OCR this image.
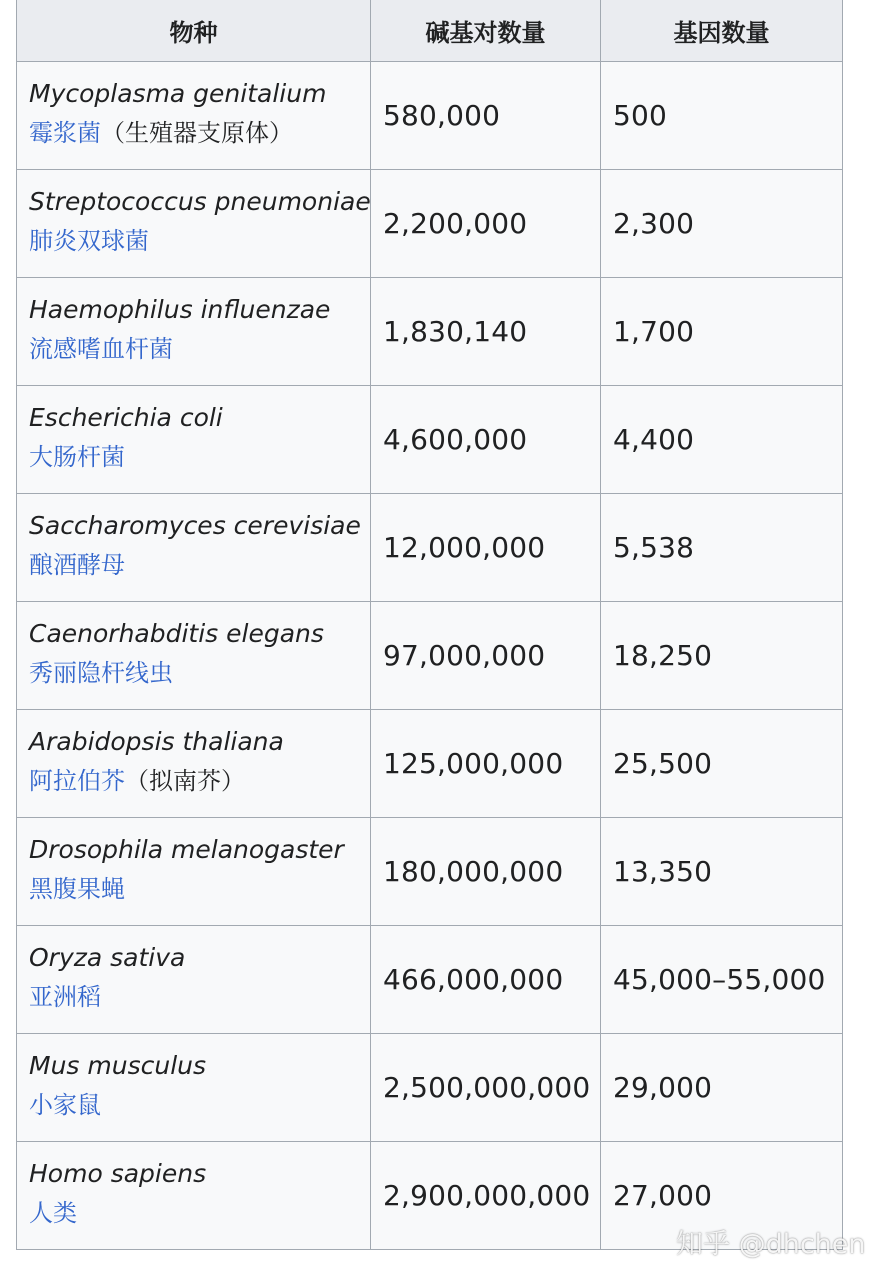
物种	碱基对数量	基因数量

Mycoplasma genitalium
霉浆菌（生殖器支原体）	580,000	500

Streptococcus pneumoniae
肺炎双球菌	2,200,000	2,300

Haemophilus influenzae
流感嗜血杆菌	1,830,140	1,700

Escherichia coli
大肠杆菌	4,600,000	4,400

Saccharomyces cerevisiae
酿酒酵母	12,000,000	5,538

Caenorhabditis elegans
秀丽隐杆线虫	97,000,000	18,250

Arabidopsis thaliana
阿拉伯芥（拟南芥）	125,000,000	25,500

Drosophila melanogaster
黑腹果蝇	180,000,000	13,350

Oryza sativa
亚洲稻	466,000,000	45,000–55,000

Mus musculus
小家鼠	2,500,000,000	29,000

Homo sapiens
人类	2,900,000,000	27,000
知乎 @dhchen
